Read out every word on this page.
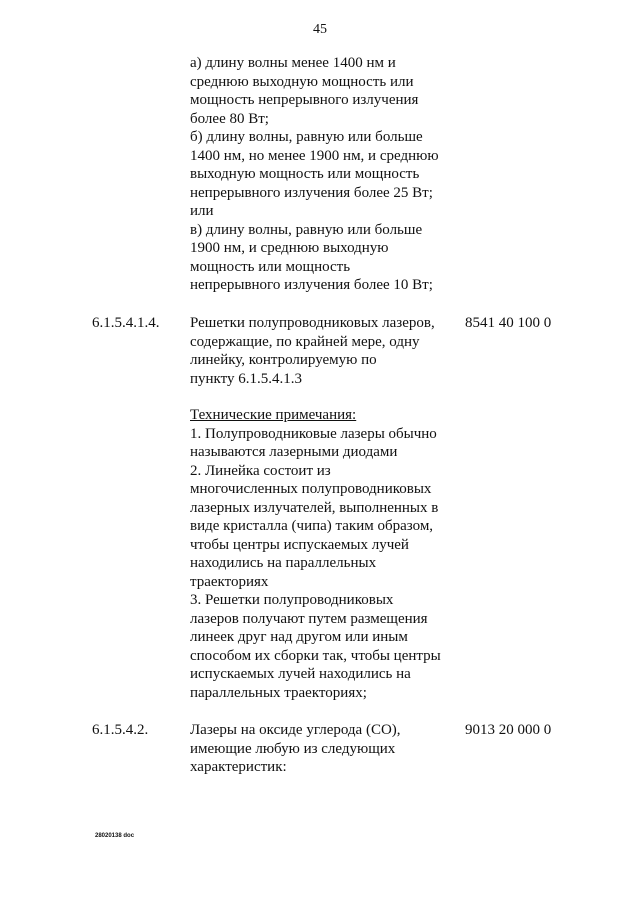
45
а) длину волны менее 1400 нм и
среднюю выходную мощность или
мощность непрерывного излучения
более 80 Вт;
б) длину волны, равную или больше
1400 нм, но менее 1900 нм, и среднюю
выходную мощность или мощность
непрерывного излучения более 25 Вт;
или
в) длину волны, равную или больше
1900 нм, и среднюю выходную
мощность или мощность
непрерывного излучения более 10 Вт;
6.1.5.4.1.4.	8541 40 100 0
Решетки полупроводниковых лазеров,
содержащие, по крайней мере, одну
линейку, контролируемую по
пункту 6.1.5.4.1.3
Технические примечания:
1. Полупроводниковые лазеры обычно
называются лазерными диодами
2. Линейка состоит из
многочисленных полупроводниковых
лазерных излучателей, выполненных в
виде кристалла (чипа) таким образом,
чтобы центры испускаемых лучей
находились на параллельных
траекториях
3. Решетки полупроводниковых
лазеров получают путем размещения
линеек друг над другом или иным
способом их сборки так, чтобы центры
испускаемых лучей находились на
параллельных траекториях;
6.1.5.4.2.	9013 20 000 0
Лазеры на оксиде углерода (CO),
имеющие любую из следующих
характеристик:
28020138 doc
